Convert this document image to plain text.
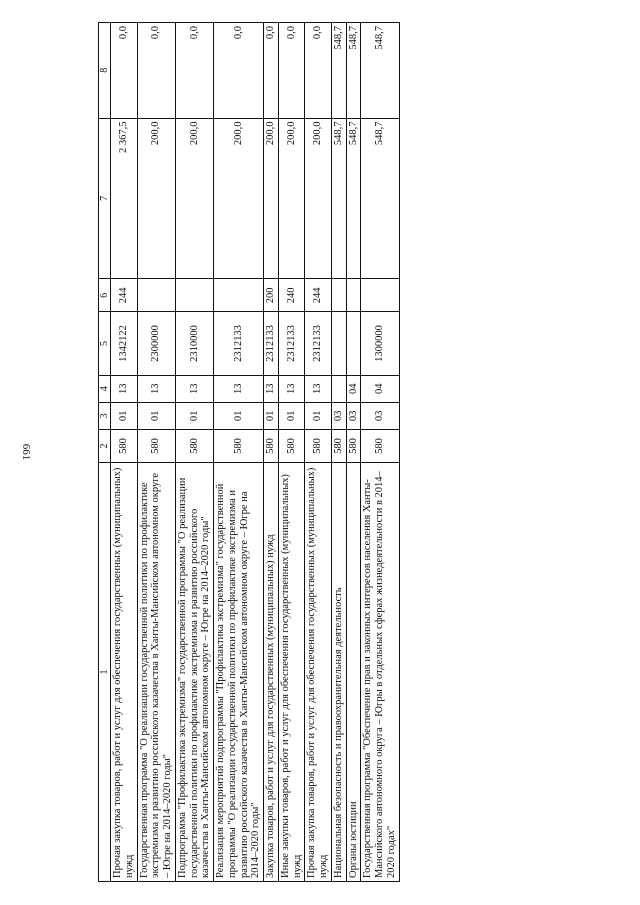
661
1	2	3	4	5	6	7	8
Прочая закупка товаров, работ и услуг для обеспечения государственных (муниципальных) нужд	580	01	13	1342122	244	2 367,5	0,0
Государственная программа "О реализации государственной политики по профилактике экстремизма и развитию российского казачества в Ханты-Мансийском автономном округе – Югре на 2014–2020 годы"	580	01	13	2300000		200,0	0,0
Подпрограмма "Профилактика экстремизма" государственной программы "О реализации государственной политики по профилактике экстремизма и развитию российского казачества в Ханты-Мансийском автономном округе – Югре на 2014–2020 годы"	580	01	13	2310000		200,0	0,0
Реализация мероприятий подпрограммы "Профилактика экстремизма" государственной программы "О реализации государственной политики по профилактике экстремизма и развитию российского казачества в Ханты-Мансийском автономном округе – Югре на 2014–2020 годы"	580	01	13	2312133		200,0	0,0
Закупка товаров, работ и услуг для государственных (муниципальных) нужд	580	01	13	2312133	200	200,0	0,0
Иные закупки товаров, работ и услуг для обеспечения государственных (муниципальных) нужд	580	01	13	2312133	240	200,0	0,0
Прочая закупка товаров, работ и услуг для обеспечения государственных (муниципальных) нужд	580	01	13	2312133	244	200,0	0,0
Национальная безопасность и правоохранительная деятельность	580	03				548,7	548,7
Органы юстиции	580	03	04			548,7	548,7
Государственная программа "Обеспечение прав и законных интересов населения Ханты-Мансийского автономного округа – Югры в отдельных сферах жизнедеятельности в 2014–2020 годах"	580	03	04	1300000		548,7	548,7
